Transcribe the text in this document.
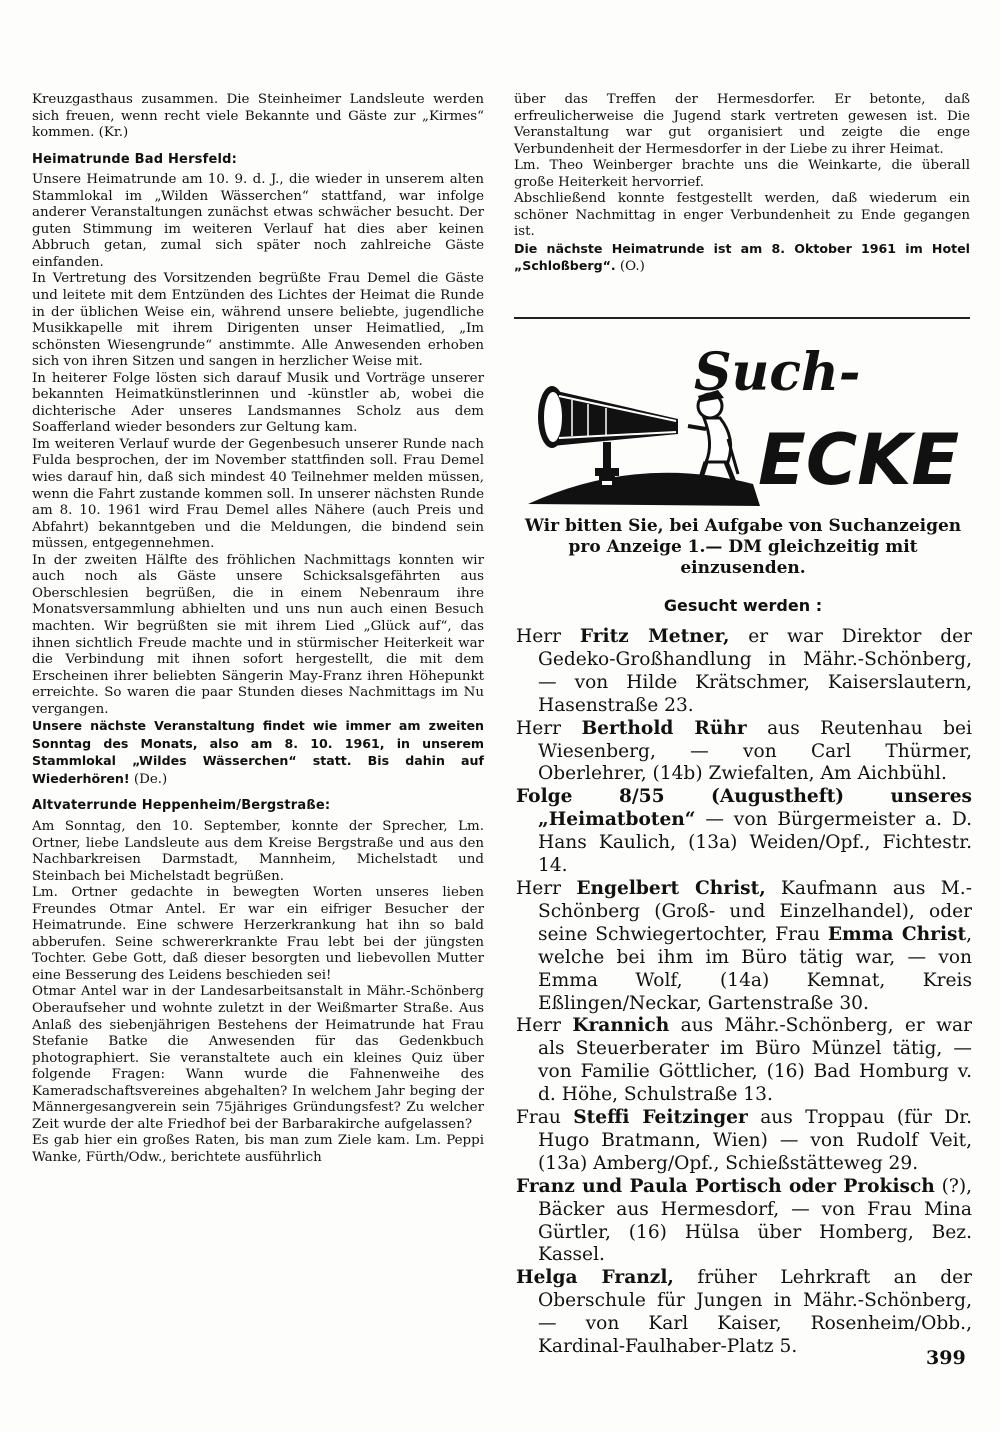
Kreuzgasthaus zusammen. Die Steinheimer Landsleute werden sich freuen, wenn recht viele Bekannte und Gäste zur „Kirmes“ kommen. (Kr.)

Heimatrunde Bad Hersfeld:

Unsere Heimatrunde am 10. 9. d. J., die wieder in unserem alten Stammlokal im „Wilden Wässerchen“ stattfand, war infolge anderer Veranstaltungen zunächst etwas schwächer besucht. Der guten Stimmung im weiteren Verlauf hat dies aber keinen Abbruch getan, zumal sich später noch zahlreiche Gäste einfanden.

In Vertretung des Vorsitzenden begrüßte Frau Demel die Gäste und leitete mit dem Entzünden des Lichtes der Heimat die Runde in der üblichen Weise ein, während unsere beliebte, jugendliche Musikkapelle mit ihrem Dirigenten unser Heimatlied, „Im schönsten Wiesengrunde“ anstimmte. Alle Anwesenden erhoben sich von ihren Sitzen und sangen in herzlicher Weise mit.

In heiterer Folge lösten sich darauf Musik und Vorträge unserer bekannten Heimatkünstlerinnen und -künstler ab, wobei die dichterische Ader unseres Landsmannes Scholz aus dem Soafferland wieder besonders zur Geltung kam.

Im weiteren Verlauf wurde der Gegenbesuch unserer Runde nach Fulda besprochen, der im November stattfinden soll. Frau Demel wies darauf hin, daß sich mindest 40 Teilnehmer melden müssen, wenn die Fahrt zustande kommen soll. In unserer nächsten Runde am 8. 10. 1961 wird Frau Demel alles Nähere (auch Preis und Abfahrt) bekanntgeben und die Meldungen, die bindend sein müssen, entgegennehmen.

In der zweiten Hälfte des fröhlichen Nachmittags konnten wir auch noch als Gäste unsere Schicksalsgefährten aus Oberschlesien begrüßen, die in einem Nebenraum ihre Monatsversammlung abhielten und uns nun auch einen Besuch machten. Wir begrüßten sie mit ihrem Lied „Glück auf“, das ihnen sichtlich Freude machte und in stürmischer Heiterkeit war die Verbindung mit ihnen sofort hergestellt, die mit dem Erscheinen ihrer beliebten Sängerin May-Franz ihren Höhepunkt erreichte. So waren die paar Stunden dieses Nachmittags im Nu vergangen.

Unsere nächste Veranstaltung findet wie immer am zweiten Sonntag des Monats, also am 8. 10. 1961, in unserem Stammlokal „Wildes Wässerchen“ statt. Bis dahin auf Wiederhören! (De.)

Altvaterrunde Heppenheim/Bergstraße:

Am Sonntag, den 10. September, konnte der Sprecher, Lm. Ortner, liebe Landsleute aus dem Kreise Bergstraße und aus den Nachbarkreisen Darmstadt, Mannheim, Michelstadt und Steinbach bei Michelstadt begrüßen.

Lm. Ortner gedachte in bewegten Worten unseres lieben Freundes Otmar Antel. Er war ein eifriger Besucher der Heimatrunde. Eine schwere Herzerkrankung hat ihn so bald abberufen. Seine schwererkrankte Frau lebt bei der jüngsten Tochter. Gebe Gott, daß dieser besorgten und liebevollen Mutter eine Besserung des Leidens beschieden sei!

Otmar Antel war in der Landesarbeitsanstalt in Mähr.-Schönberg Oberaufseher und wohnte zuletzt in der Weißmarter Straße. Aus Anlaß des siebenjährigen Bestehens der Heimatrunde hat Frau Stefanie Batke die Anwesenden für das Gedenkbuch photographiert. Sie veranstaltete auch ein kleines Quiz über folgende Fragen: Wann wurde die Fahnenweihe des Kameradschaftsvereines abgehalten? In welchem Jahr beging der Männergesangverein sein 75jähriges Gründungsfest? Zu welcher Zeit wurde der alte Friedhof bei der Barbarakirche aufgelassen?

Es gab hier ein großes Raten, bis man zum Ziele kam. Lm. Peppi Wanke, Fürth/Odw., berichtete ausführlich

über das Treffen der Hermesdorfer. Er betonte, daß erfreulicherweise die Jugend stark vertreten gewesen ist. Die Veranstaltung war gut organisiert und zeigte die enge Verbundenheit der Hermesdorfer in der Liebe zu ihrer Heimat.

Lm. Theo Weinberger brachte uns die Weinkarte, die überall große Heiterkeit hervorrief.

Abschließend konnte festgestellt werden, daß wiederum ein schöner Nachmittag in enger Verbundenheit zu Ende gegangen ist.

Die nächste Heimatrunde ist am 8. Oktober 1961 im Hotel „Schloßberg“. (O.)

Such-
ECKE
Wir bitten Sie, bei Aufgabe von Suchanzeigen pro Anzeige 1.— DM gleichzeitig mit einzusenden.
Gesucht werden :

Herr Fritz Metner, er war Direktor der Gedeko-Großhandlung in Mähr.-Schönberg, — von Hilde Krätschmer, Kaiserslautern, Hasenstraße 23.

Herr Berthold Rühr aus Reutenhau bei Wiesenberg, — von Carl Thürmer, Oberlehrer, (14b) Zwiefalten, Am Aichbühl.

Folge 8/55 (Augustheft) unseres „Heimatboten“ — von Bürgermeister a. D. Hans Kaulich, (13a) Weiden/Opf., Fichtestr. 14.

Herr Engelbert Christ, Kaufmann aus M.-Schönberg (Groß- und Einzelhandel), oder seine Schwiegertochter, Frau Emma Christ, welche bei ihm im Büro tätig war, — von Emma Wolf, (14a) Kemnat, Kreis Eßlingen/Neckar, Gartenstraße 30.

Herr Krannich aus Mähr.-Schönberg, er war als Steuerberater im Büro Münzel tätig, — von Familie Göttlicher, (16) Bad Homburg v. d. Höhe, Schulstraße 13.

Frau Steffi Feitzinger aus Troppau (für Dr. Hugo Bratmann, Wien) — von Rudolf Veit, (13a) Amberg/Opf., Schießstätteweg 29.

Franz und Paula Portisch oder Prokisch (?), Bäcker aus Hermesdorf, — von Frau Mina Gürtler, (16) Hülsa über Homberg, Bez. Kassel.

Helga Franzl, früher Lehrkraft an der Oberschule für Jungen in Mähr.-Schönberg, — von Karl Kaiser, Rosenheim/Obb., Kardinal-Faulhaber-Platz 5.

399
